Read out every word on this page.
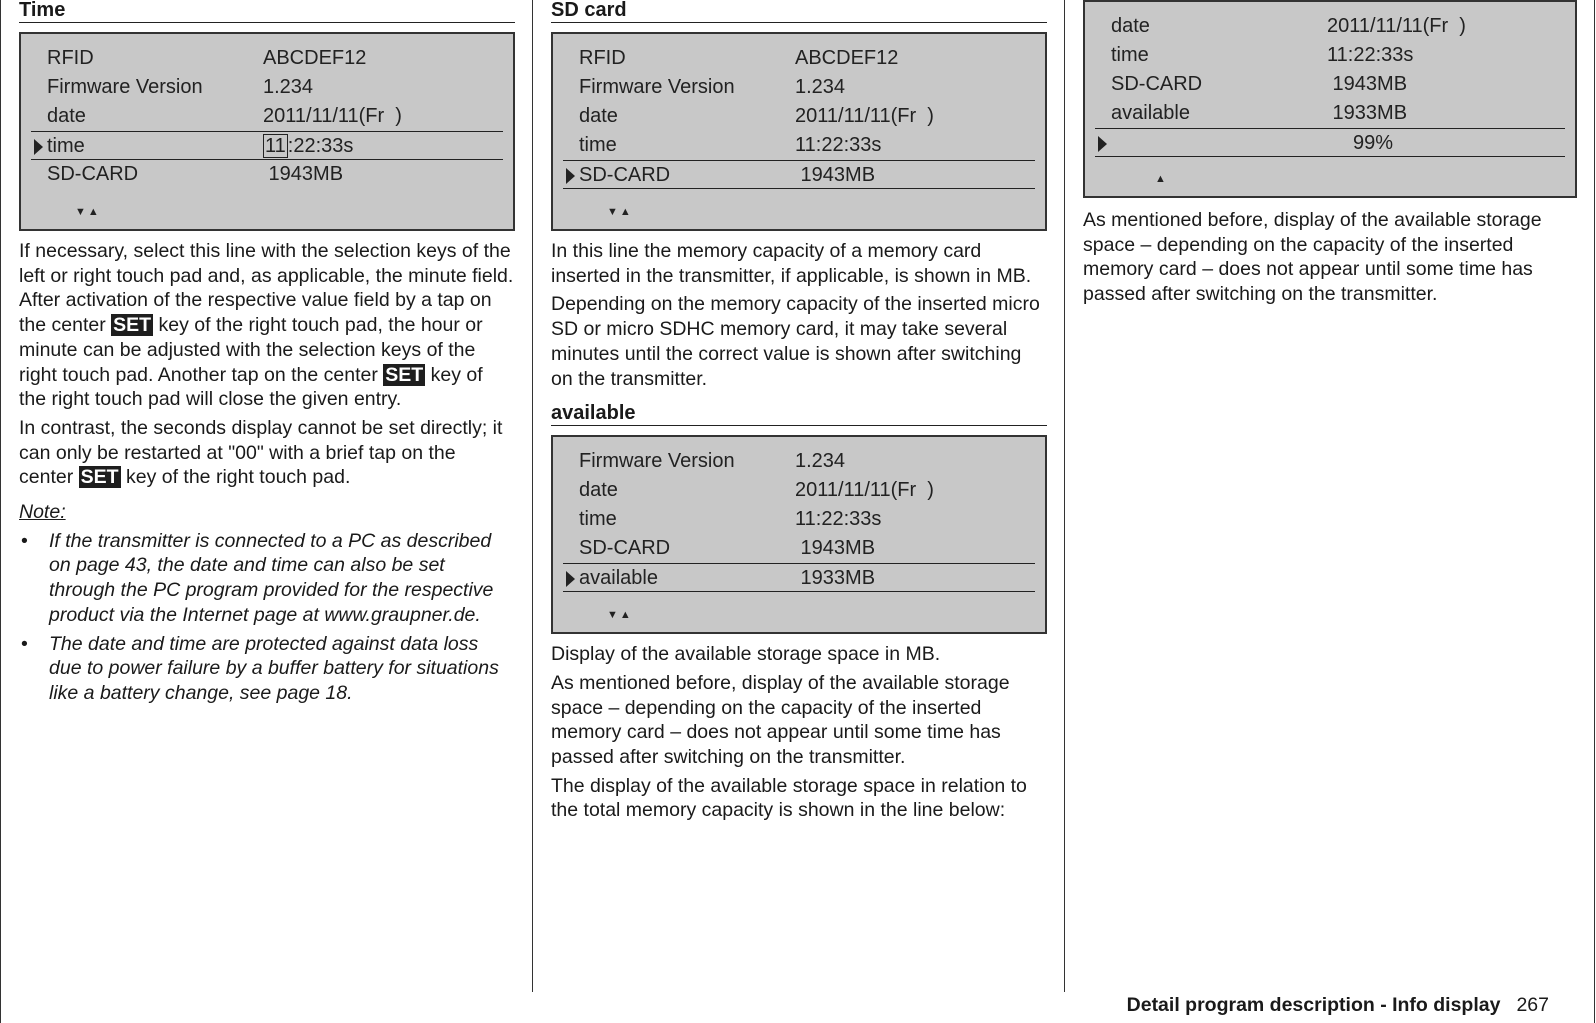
Time
RFID	ABCDEF12
Firmware Version	1.234
date	2011/11/11(Fr  )
time	11 :22:33s
SD-CARD	1943MB
▼▲

If necessary, select this line with the selection keys of the left or right touch pad and, as applicable, the minute field. After activation of the respective value field by a tap on the center SET key of the right touch pad, the hour or minute can be adjusted with the selection keys of the right touch pad. Another tap on the center SET key of the right touch pad will close the given entry.

In contrast, the seconds display cannot be set directly; it can only be restarted at "00" with a brief tap on the center SET key of the right touch pad.

Note:
• If the transmitter is connected to a PC as described on page 43, the date and time can also be set through the PC program provided for the respective product via the Internet page at www.graupner.de.
• The date and time are protected against data loss due to power failure by a buffer battery for situations like a battery change, see page 18.
SD card
RFID	ABCDEF12
Firmware Version	1.234
date	2011/11/11(Fr  )
time	11:22:33s
SD-CARD	1943MB
▼▲

In this line the memory capacity of a memory card inserted in the transmitter, if applicable, is shown in MB.

Depending on the memory capacity of the inserted micro SD or micro SDHC memory card, it may take several minutes until the correct value is shown after switching on the transmitter.

available
Firmware Version	1.234
date	2011/11/11(Fr  )
time	11:22:33s
SD-CARD	1943MB
available	1933MB
▼▲

Display of the available storage space in MB.

As mentioned before, display of the available storage space – depending on the capacity of the inserted memory card – does not appear until some time has passed after switching on the transmitter.

The display of the available storage space in relation to the total memory capacity is shown in the line below:

date	2011/11/11(Fr  )
time	11:22:33s
SD-CARD	1943MB
available	1933MB
99%
▲

As mentioned before, display of the available storage space – depending on the capacity of the inserted memory card – does not appear until some time has passed after switching on the transmitter.

Detail program description - Info display 267
